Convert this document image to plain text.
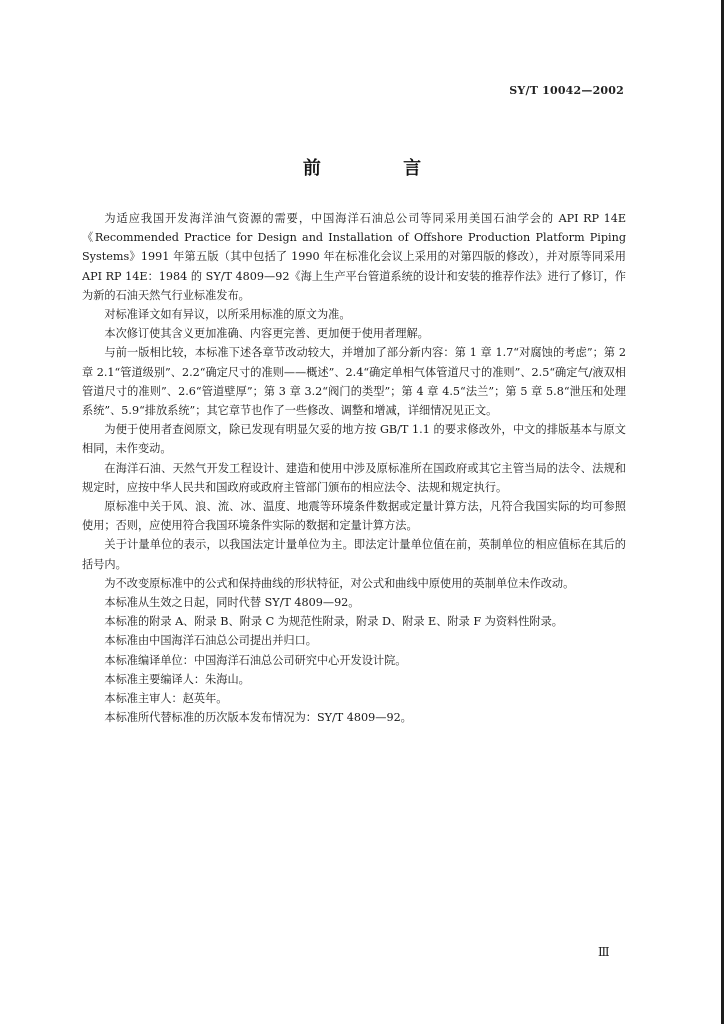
SY/T 10042—2002
前 言

为适应我国开发海洋油气资源的需要，中国海洋石油总公司等同采用美国石油学会的 API RP 14E《Recommended Practice for Design and Installation of Offshore Production Platform Piping Systems》1991 年第五版（其中包括了 1990 年在标准化会议上采用的对第四版的修改），并对原等同采用 API RP 14E：1984 的 SY/T 4809—92《海上生产平台管道系统的设计和安装的推荐作法》进行了修订，作为新的石油天然气行业标准发布。

对标准译文如有异议，以所采用标准的原文为准。

本次修订使其含义更加准确、内容更完善、更加便于使用者理解。

与前一版相比较，本标准下述各章节改动较大，并增加了部分新内容：第 1 章 1.7“对腐蚀的考虑”；第 2 章 2.1“管道级别”、2.2“确定尺寸的准则——概述”、2.4“确定单相气体管道尺寸的准则”、2.5“确定气/液双相管道尺寸的准则”、2.6“管道壁厚”；第 3 章 3.2“阀门的类型”；第 4 章 4.5“法兰”；第 5 章 5.8“泄压和处理系统”、5.9“排放系统”；其它章节也作了一些修改、调整和增减，详细情况见正文。

为便于使用者查阅原文，除已发现有明显欠妥的地方按 GB/T 1.1 的要求修改外，中文的排版基本与原文相同，未作变动。

在海洋石油、天然气开发工程设计、建造和使用中涉及原标准所在国政府或其它主管当局的法令、法规和规定时，应按中华人民共和国政府或政府主管部门颁布的相应法令、法规和规定执行。

原标准中关于风、浪、流、冰、温度、地震等环境条件数据或定量计算方法，凡符合我国实际的均可参照使用；否则，应使用符合我国环境条件实际的数据和定量计算方法。

关于计量单位的表示，以我国法定计量单位为主。即法定计量单位值在前，英制单位的相应值标在其后的括号内。

为不改变原标准中的公式和保持曲线的形状特征，对公式和曲线中原使用的英制单位未作改动。

本标准从生效之日起，同时代替 SY/T 4809—92。

本标准的附录 A、附录 B、附录 C 为规范性附录，附录 D、附录 E、附录 F 为资料性附录。

本标准由中国海洋石油总公司提出并归口。

本标准编译单位：中国海洋石油总公司研究中心开发设计院。

本标准主要编译人：朱海山。

本标准主审人：赵英年。

本标准所代替标准的历次版本发布情况为：SY/T 4809—92。

Ⅲ
